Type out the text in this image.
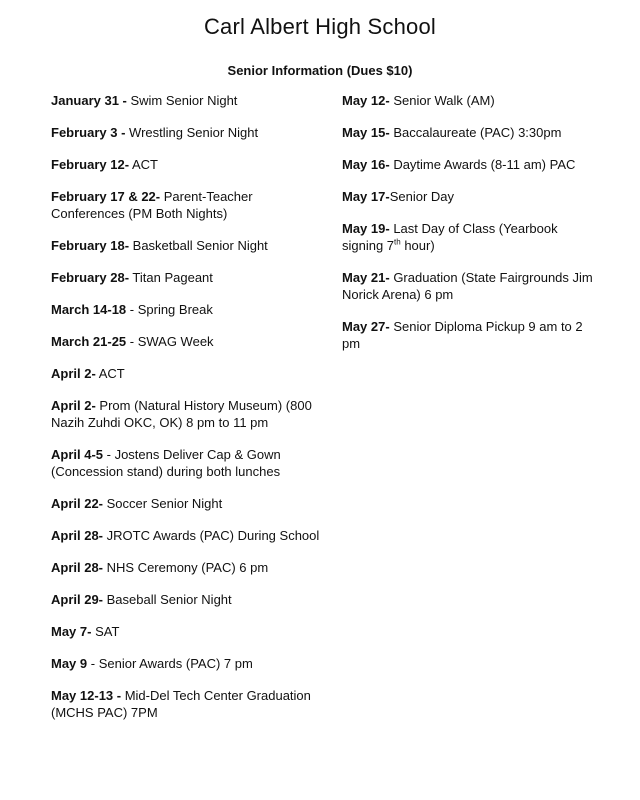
Carl Albert High School
Senior Information (Dues $10)

January 31 - Swim Senior Night

February 3 - Wrestling Senior Night

February 12- ACT

February 17 & 22- Parent-Teacher Conferences (PM Both Nights)

February 18- Basketball Senior Night

February 28- Titan Pageant

March 14-18 - Spring Break

March 21-25 - SWAG Week

April 2- ACT

April 2- Prom (Natural History Museum) (800 Nazih Zuhdi OKC, OK) 8 pm to 11 pm

April 4-5 - Jostens Deliver Cap & Gown (Concession stand) during both lunches

April 22- Soccer Senior Night

April 28- JROTC Awards (PAC) During School

April 28- NHS Ceremony (PAC) 6 pm

April 29- Baseball Senior Night

May 7- SAT

May 9 - Senior Awards (PAC) 7 pm

May 12-13 - Mid-Del Tech Center Graduation (MCHS PAC) 7PM

May 12- Senior Walk (AM)

May 15- Baccalaureate (PAC) 3:30pm

May 16- Daytime Awards (8-11 am) PAC

May 17-Senior Day

May 19- Last Day of Class (Yearbook signing 7th hour)

May 21- Graduation (State Fairgrounds Jim Norick Arena) 6 pm

May 27- Senior Diploma Pickup 9 am to 2 pm
